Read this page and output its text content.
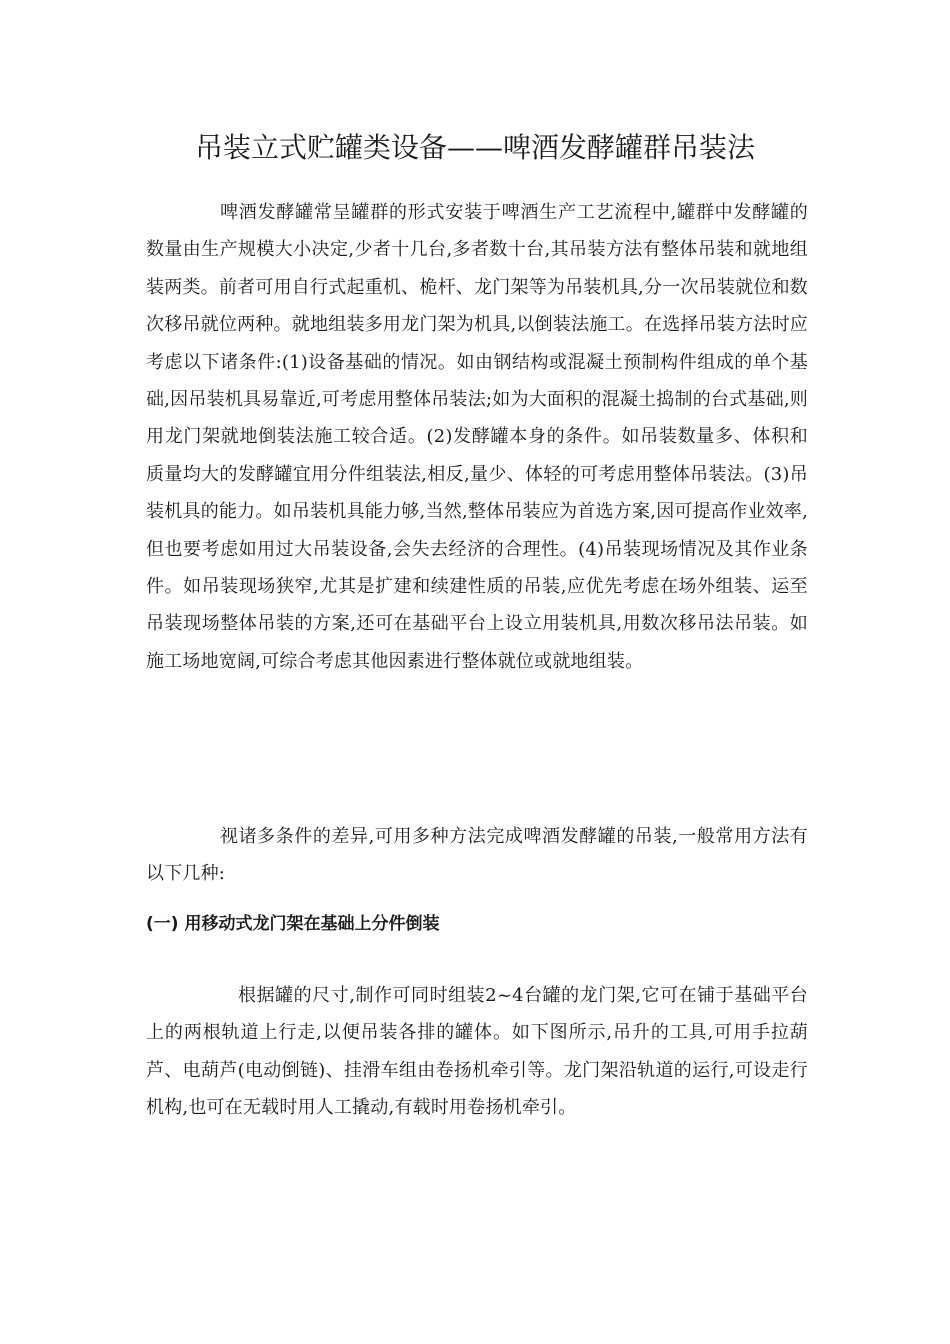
吊装立式贮罐类设备——啤酒发酵罐群吊装法

啤酒发酵罐常呈罐群的形式安装于啤酒生产工艺流程中,罐群中发酵罐的数量由生产规模大小决定,少者十几台,多者数十台,其吊装方法有整体吊装和就地组装两类。前者可用自行式起重机、桅杆、龙门架等为吊装机具,分一次吊装就位和数次移吊就位两种。就地组装多用龙门架为机具,以倒装法施工。在选择吊装方法时应考虑以下诸条件:(1)设备基础的情况。如由钢结构或混凝土预制构件组成的单个基础,因吊装机具易靠近,可考虑用整体吊装法;如为大面积的混凝土捣制的台式基础,则用龙门架就地倒装法施工较合适。(2)发酵罐本身的条件。如吊装数量多、体积和质量均大的发酵罐宜用分件组装法,相反,量少、体轻的可考虑用整体吊装法。(3)吊装机具的能力。如吊装机具能力够,当然,整体吊装应为首选方案,因可提高作业效率,但也要考虑如用过大吊装设备,会失去经济的合理性。(4)吊装现场情况及其作业条件。如吊装现场狭窄,尤其是扩建和续建性质的吊装,应优先考虑在场外组装、运至吊装现场整体吊装的方案,还可在基础平台上设立用装机具,用数次移吊法吊装。如施工场地宽阔,可综合考虑其他因素进行整体就位或就地组装。

视诸多条件的差异,可用多种方法完成啤酒发酵罐的吊装,一般常用方法有以下几种:

(一) 用移动式龙门架在基础上分件倒装

根据罐的尺寸,制作可同时组装2~4台罐的龙门架,它可在铺于基础平台上的两根轨道上行走,以便吊装各排的罐体。如下图所示,吊升的工具,可用手拉葫芦、电葫芦(电动倒链)、挂滑车组由卷扬机牵引等。龙门架沿轨道的运行,可设走行机构,也可在无载时用人工撬动,有载时用卷扬机牵引。
